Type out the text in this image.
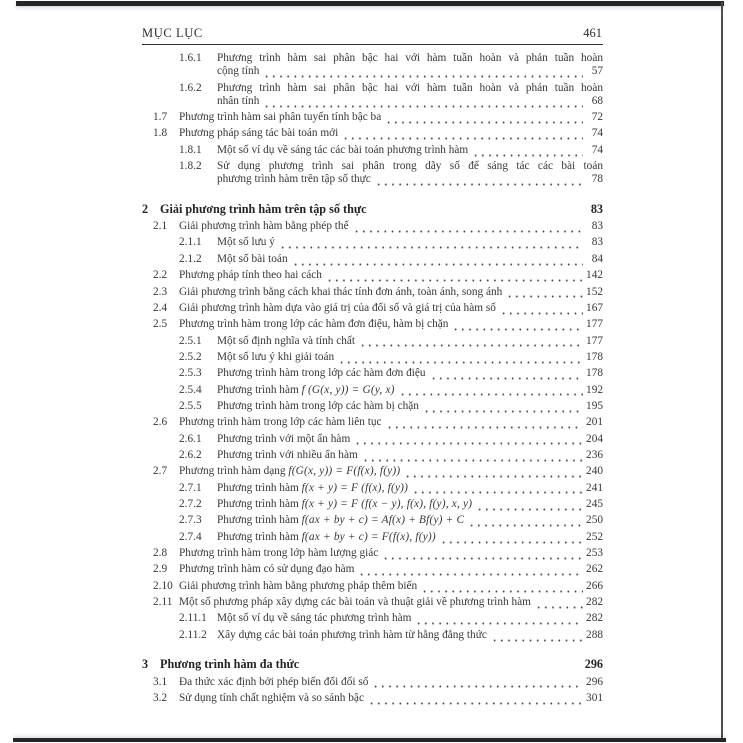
MỤC LỤC	461
1.6.1	Phương trình hàm sai phân bậc hai với hàm tuần hoàn và phản tuần hoàn
cộng tính	57
1.6.2	Phương trình hàm sai phân bậc hai với hàm tuần hoàn và phản tuần hoàn
nhân tính	68
1.7	Phương trình hàm sai phân tuyến tính bậc ba	72
1.8	Phương pháp sáng tác bài toán mới	74
1.8.1	Một số ví dụ về sáng tác các bài toán phương trình hàm	74
1.8.2	Sử dụng phương trình sai phân trong dãy số để sáng tác các bài toán
phương trình hàm trên tập số thực	78
2 Giải phương trình hàm trên tập số thực	83
2.1	Giải phương trình hàm bằng phép thế	83
2.1.1	Một số lưu ý	83
2.1.2	Một số bài toán	84
2.2	Phương pháp tính theo hai cách	142
2.3	Giải phương trình bằng cách khai thác tính đơn ánh, toàn ánh, song ánh	152
2.4	Giải phương trình hàm dựa vào giá trị của đối số và giá trị của hàm số	167
2.5	Phương trình hàm trong lớp các hàm đơn điệu, hàm bị chặn	177
2.5.1	Một số định nghĩa và tính chất	177
2.5.2	Một số lưu ý khi giải toán	178
2.5.3	Phương trình hàm trong lớp các hàm đơn điệu	178
2.5.4	Phương trình hàm f (G(x, y)) = G(y, x)	192
2.5.5	Phương trình hàm trong lớp các hàm bị chặn	195
2.6	Phương trình hàm trong lớp các hàm liên tục	201
2.6.1	Phương trình với một ẩn hàm	204
2.6.2	Phương trình với nhiều ẩn hàm	236
2.7	Phương trình hàm dạng f(G(x, y)) = F(f(x), f(y))	240
2.7.1	Phương trình hàm f(x + y) = F (f(x), f(y))	241
2.7.2	Phương trình hàm f(x + y) = F (f(x − y), f(x), f(y), x, y)	245
2.7.3	Phương trình hàm f(ax + by + c) = Af(x) + Bf(y) + C	250
2.7.4	Phương trình hàm f(ax + by + c) = F(f(x), f(y))	252
2.8	Phương trình hàm trong lớp hàm lượng giác	253
2.9	Phương trình hàm có sử dụng đạo hàm	262
2.10 Giải phương trình hàm bằng phương pháp thêm biến	266
2.11 Một số phương pháp xây dựng các bài toán và thuật giải về phương trình hàm	282
2.11.1 Một số ví dụ về sáng tác phương trình hàm	282
2.11.2 Xây dựng các bài toán phương trình hàm từ hằng đẳng thức	288
3 Phương trình hàm đa thức	296
3.1	Đa thức xác định bởi phép biến đổi đối số	296
3.2	Sử dụng tính chất nghiệm và so sánh bậc	301
